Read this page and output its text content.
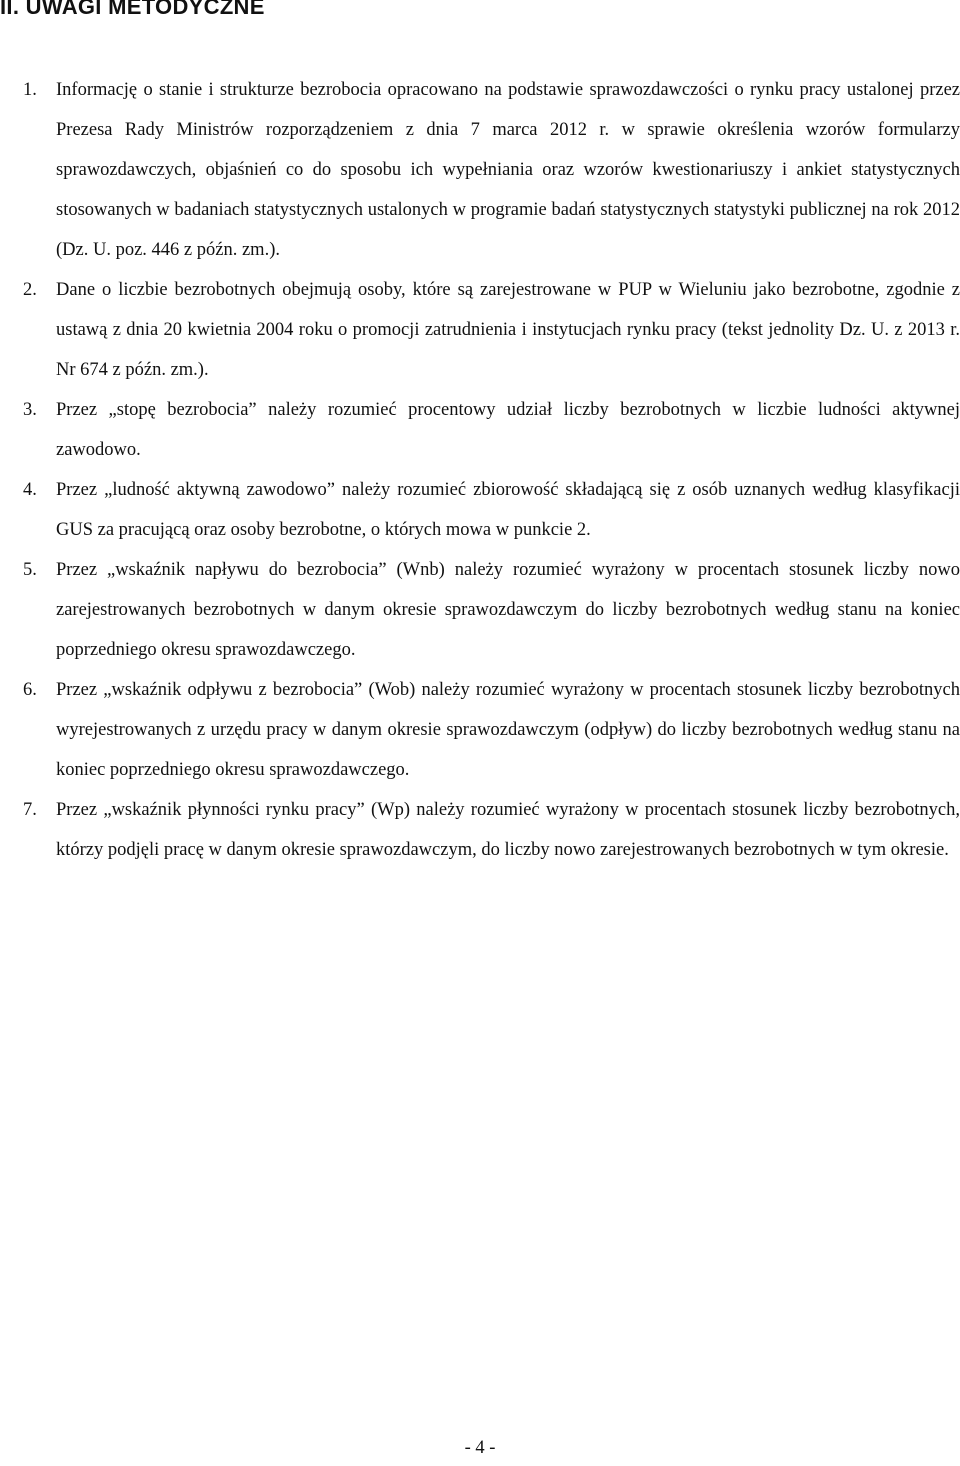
II. UWAGI METODYCZNE
1. Informację o stanie i strukturze bezrobocia opracowano na podstawie sprawozdawczości o rynku pracy ustalonej przez Prezesa Rady Ministrów rozporządzeniem z dnia 7 marca 2012 r. w sprawie określenia wzorów formularzy sprawozdawczych, objaśnień co do sposobu ich wypełniania oraz wzorów kwestionariuszy i ankiet statystycznych stosowanych w badaniach statystycznych ustalonych w programie badań statystycznych statystyki publicznej na rok 2012 (Dz. U. poz. 446 z późn. zm.).
2. Dane o liczbie bezrobotnych obejmują osoby, które są zarejestrowane w PUP w Wieluniu jako bezrobotne, zgodnie z ustawą z dnia 20 kwietnia 2004 roku o promocji zatrudnienia i instytucjach rynku pracy (tekst jednolity Dz. U. z 2013 r. Nr 674 z późn. zm.).
3. Przez „stopę bezrobocia” należy rozumieć procentowy udział liczby bezrobotnych w liczbie ludności aktywnej zawodowo.
4. Przez „ludność aktywną zawodowo” należy rozumieć zbiorowość składającą się z osób uznanych według klasyfikacji GUS za pracującą oraz osoby bezrobotne, o których mowa w punkcie 2.
5. Przez „wskaźnik napływu do bezrobocia” (Wnb) należy rozumieć wyrażony w procentach stosunek liczby nowo zarejestrowanych bezrobotnych w danym okresie sprawozdawczym do liczby bezrobotnych według stanu na koniec poprzedniego okresu sprawozdawczego.
6. Przez „wskaźnik odpływu z bezrobocia” (Wob) należy rozumieć wyrażony w procentach stosunek liczby bezrobotnych wyrejestrowanych z urzędu pracy w danym okresie sprawozdawczym (odpływ) do liczby bezrobotnych według stanu na koniec poprzedniego okresu sprawozdawczego.
7. Przez „wskaźnik płynności rynku pracy” (Wp) należy rozumieć wyrażony w procentach stosunek liczby bezrobotnych, którzy podjęli pracę w danym okresie sprawozdawczym, do liczby nowo zarejestrowanych bezrobotnych w tym okresie.
- 4 -
